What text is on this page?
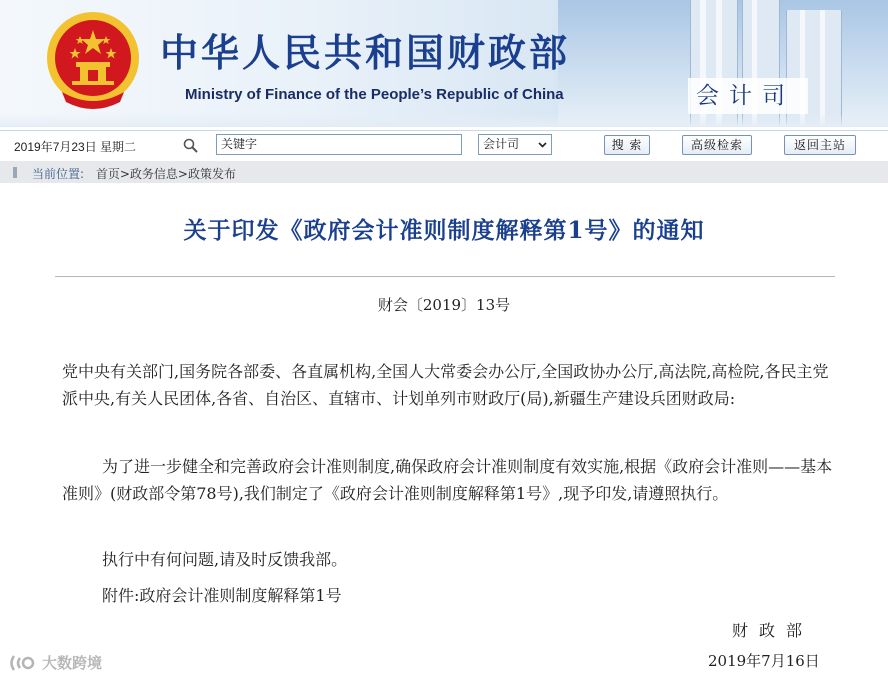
中华人民共和国财政部
Ministry of Finance of the People’s Republic of China	会计司
2019年7月23日 星期二	关键字	会计司	搜 索	高级检索	返回主站
当前位置: 首页>政务信息>政策发布
关于印发《政府会计准则制度解释第1号》的通知
财会〔2019〕13号
党中央有关部门,国务院各部委、各直属机构,全国人大常委会办公厅,全国政协办公厅,高法院,高检院,各民主党派中央,有关人民团体,各省、自治区、直辖市、计划单列市财政厅(局),新疆生产建设兵团财政局:
为了进一步健全和完善政府会计准则制度,确保政府会计准则制度有效实施,根据《政府会计准则——基本准则》(财政部令第78号),我们制定了《政府会计准则制度解释第1号》,现予印发,请遵照执行。
执行中有何问题,请及时反馈我部。
附件:政府会计准则制度解释第1号
财政部
2019年7月16日
大数跨境
